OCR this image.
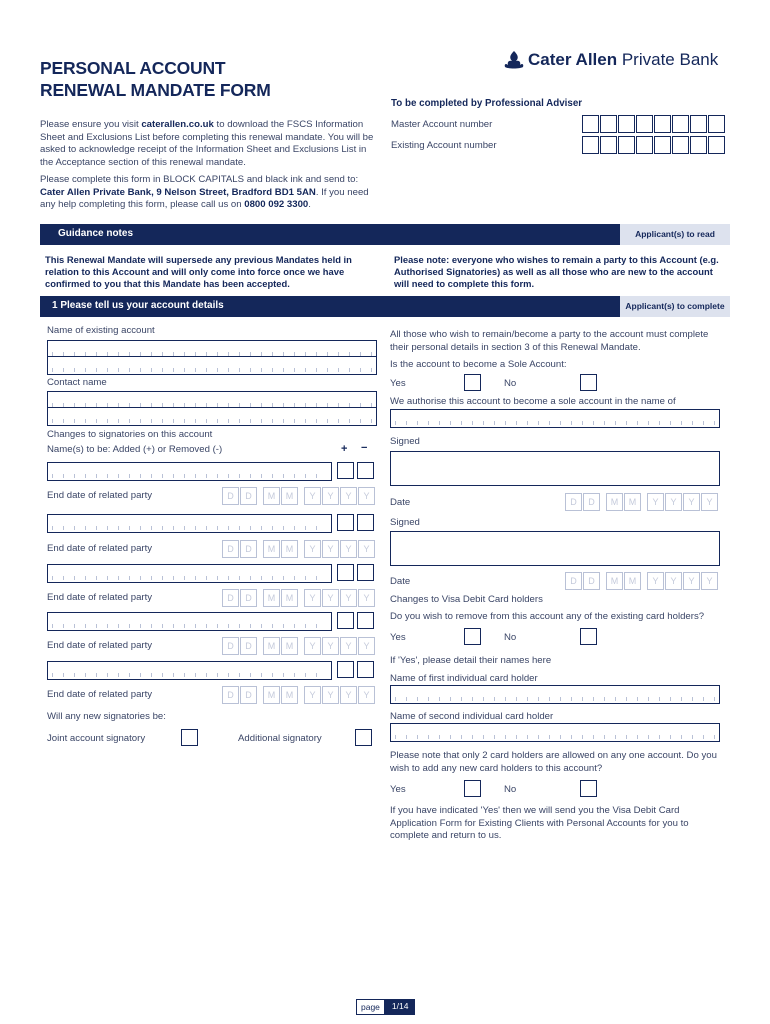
PERSONAL ACCOUNT
RENEWAL MANDATE FORM
Cater Allen Private Bank
Please ensure you visit caterallen.co.uk to download the FSCS Information Sheet and Exclusions List before completing this renewal mandate. You will be asked to acknowledge receipt of the Information Sheet and Exclusions List in the Acceptance section of this renewal mandate.
Please complete this form in BLOCK CAPITALS and black ink and send to:
Cater Allen Private Bank, 9 Nelson Street, Bradford BD1 5AN. If you need any help completing this form, please call us on 0800 092 3300.
To be completed by Professional Adviser
Master Account number
Existing Account number
Guidance notes	Applicant(s) to read
This Renewal Mandate will supersede any previous Mandates held in relation to this Account and will only come into force once we have confirmed to you that this Mandate has been accepted.
Please note: everyone who wishes to remain a party to this Account (e.g. Authorised Signatories) as well as all those who are new to the account will need to complete this form.
1 Please tell us your account details	Applicant(s) to complete
Name of existing account
Contact name
Changes to signatories on this account
Name(s) to be: Added (+) or Removed (-)	+ −
End date of related party	D	D	M	M	Y	Y	Y	Y
End date of related party	D	D	M	M	Y	Y	Y	Y
End date of related party	D	D	M	M	Y	Y	Y	Y
End date of related party	D	D	M	M	Y	Y	Y	Y
End date of related party	D	D	M	M	Y	Y	Y	Y
Will any new signatories be:
Joint account signatory	Additional signatory
All those who wish to remain/become a party to the account must complete their personal details in section 3 of this Renewal Mandate.
Is the account to become a Sole Account:
Yes	No
We authorise this account to become a sole account in the name of
Signed
Date	D	D	M	M	Y	Y	Y	Y
Signed
Date	D	D	M	M	Y	Y	Y	Y
Changes to Visa Debit Card holders
Do you wish to remove from this account any of the existing card holders?
Yes	No
If 'Yes', please detail their names here
Name of first individual card holder
Name of second individual card holder
Please note that only 2 card holders are allowed on any one account. Do you wish to add any new card holders to this account?
Yes	No
If you have indicated 'Yes' then we will send you the Visa Debit Card Application Form for Existing Clients with Personal Accounts for you to complete and return to us.
page	1/14
